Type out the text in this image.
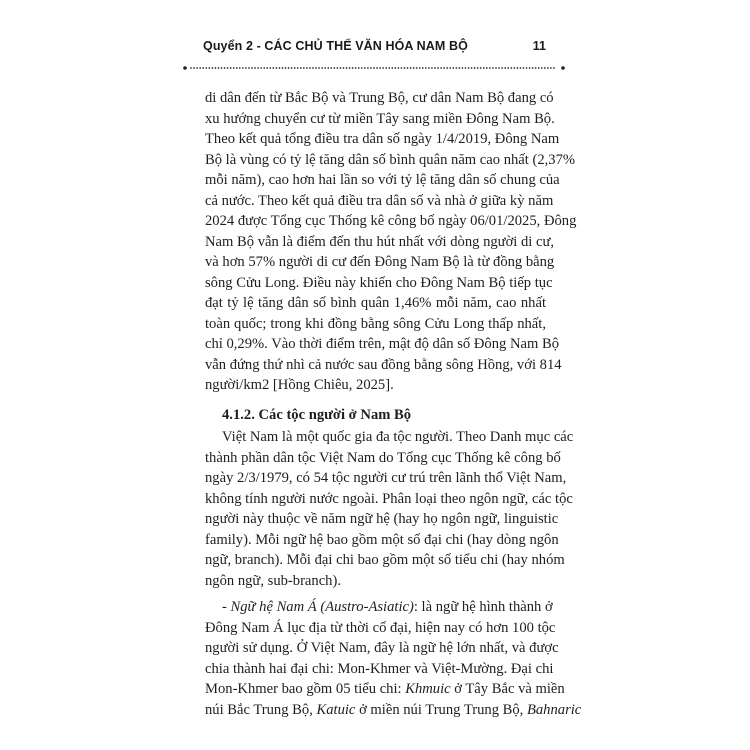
Quyển 2 - CÁC CHỦ THỂ VĂN HÓA NAM BỘ	11
di dân đến từ Bắc Bộ và Trung Bộ, cư dân Nam Bộ đang có
xu hướng chuyển cư từ miền Tây sang miền Đông Nam Bộ.
Theo kết quả tổng điều tra dân số ngày 1/4/2019, Đông Nam
Bộ là vùng có tỷ lệ tăng dân số bình quân năm cao nhất (2,37%
mỗi năm), cao hơn hai lần so với tỷ lệ tăng dân số chung của
cả nước. Theo kết quả điều tra dân số và nhà ở giữa kỳ năm
2024 được Tổng cục Thống kê công bố ngày 06/01/2025, Đông
Nam Bộ vẫn là điểm đến thu hút nhất với dòng người di cư,
và hơn 57% người di cư đến Đông Nam Bộ là từ đồng bằng
sông Cửu Long. Điều này khiến cho Đông Nam Bộ tiếp tục
đạt tỷ lệ tăng dân số bình quân 1,46% mỗi năm, cao nhất
toàn quốc; trong khi đồng bằng sông Cửu Long thấp nhất,
chỉ 0,29%. Vào thời điểm trên, mật độ dân số Đông Nam Bộ
vẫn đứng thứ nhì cả nước sau đồng bằng sông Hồng, với 814
người/km2 [Hồng Chiêu, 2025].
4.1.2. Các tộc người ở Nam Bộ
Việt Nam là một quốc gia đa tộc người. Theo Danh mục các
thành phần dân tộc Việt Nam do Tổng cục Thống kê công bố
ngày 2/3/1979, có 54 tộc người cư trú trên lãnh thổ Việt Nam,
không tính người nước ngoài. Phân loại theo ngôn ngữ, các tộc
người này thuộc về năm ngữ hệ (hay họ ngôn ngữ, linguistic
family). Mỗi ngữ hệ bao gồm một số đại chi (hay dòng ngôn
ngữ, branch). Mỗi đại chi bao gồm một số tiểu chi (hay nhóm
ngôn ngữ, sub-branch).
- Ngữ hệ Nam Á (Austro-Asiatic): là ngữ hệ hình thành ở
Đông Nam Á lục địa từ thời cổ đại, hiện nay có hơn 100 tộc
người sử dụng. Ở Việt Nam, đây là ngữ hệ lớn nhất, và được
chia thành hai đại chi: Mon-Khmer và Việt-Mường. Đại chi
Mon-Khmer bao gồm 05 tiểu chi: Khmuic ở Tây Bắc và miền
núi Bắc Trung Bộ, Katuic ở miền núi Trung Trung Bộ, Bahnaric
